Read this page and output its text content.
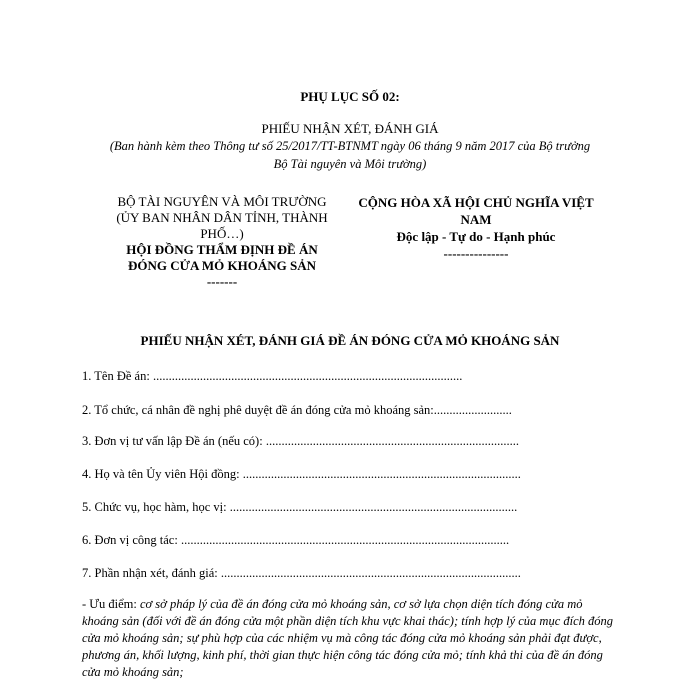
PHỤ LỤC SỐ 02:
PHIẾU NHẬN XÉT, ĐÁNH GIÁ
(Ban hành kèm theo Thông tư số 25/2017/TT-BTNMT ngày 06 tháng 9 năm 2017 của Bộ trưởng
Bộ Tài nguyên và Môi trường)
BỘ TÀI NGUYÊN VÀ MÔI TRƯỜNG
(ỦY BAN NHÂN DÂN TỈNH, THÀNH
PHỐ…)
HỘI ĐỒNG THẨM ĐỊNH ĐỀ ÁN
ĐÓNG CỬA MỎ KHOÁNG SẢN
-------
CỘNG HÒA XÃ HỘI CHỦ NGHĨA VIỆT
NAM
Độc lập - Tự do - Hạnh phúc
---------------
PHIẾU NHẬN XÉT, ĐÁNH GIÁ ĐỀ ÁN ĐÓNG CỬA MỎ KHOÁNG SẢN
1. Tên Đề án: ...................................................................................................
2. Tổ chức, cá nhân đề nghị phê duyệt đề án đóng cửa mỏ khoáng sản:.........................
3. Đơn vị tư vấn lập Đề án (nếu có): .................................................................................
4. Họ và tên Ủy viên Hội đồng: .........................................................................................
5. Chức vụ, học hàm, học vị: ............................................................................................
6. Đơn vị công tác: .........................................................................................................
7. Phần nhận xét, đánh giá: ................................................................................................
- Ưu điểm: cơ sở pháp lý của đề án đóng cửa mỏ khoáng sản, cơ sở lựa chọn diện tích đóng cửa mỏ khoáng sản (đối với đề án đóng cửa một phần diện tích khu vực khai thác); tính hợp lý của mục đích đóng cửa mỏ khoáng sản; sự phù hợp của các nhiệm vụ mà công tác đóng cửa mỏ khoáng sản phải đạt được, phương án, khối lượng, kinh phí, thời gian thực hiện công tác đóng cửa mỏ; tính khả thi của đề án đóng cửa mỏ khoáng sản;
